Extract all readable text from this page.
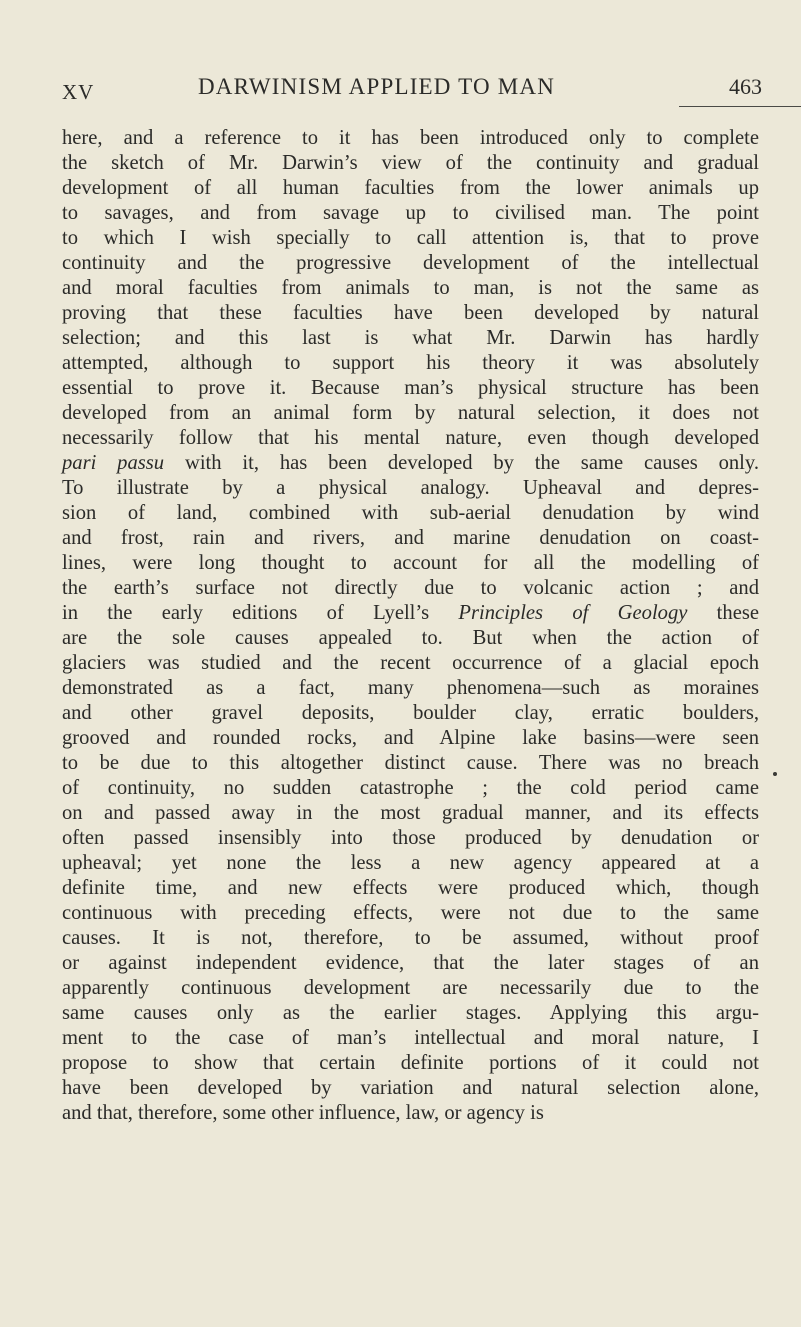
XV	DARWINISM APPLIED TO MAN	463
here, and a reference to it has been introduced only to complete
the sketch of Mr. Darwin’s view of the continuity and gradual
development of all human faculties from the lower animals up
to savages, and from savage up to civilised man. The point
to which I wish specially to call attention is, that to prove
continuity and the progressive development of the intellectual
and moral faculties from animals to man, is not the same as
proving that these faculties have been developed by natural
selection; and this last is what Mr. Darwin has hardly
attempted, although to support his theory it was absolutely
essential to prove it. Because man’s physical structure has been
developed from an animal form by natural selection, it does not
necessarily follow that his mental nature, even though developed
pari passu with it, has been developed by the same causes only.
To illustrate by a physical analogy. Upheaval and depres-
sion of land, combined with sub-aerial denudation by wind
and frost, rain and rivers, and marine denudation on coast-
lines, were long thought to account for all the modelling of
the earth’s surface not directly due to volcanic action ; and
in the early editions of Lyell’s Principles of Geology these
are the sole causes appealed to. But when the action of
glaciers was studied and the recent occurrence of a glacial epoch
demonstrated as a fact, many phenomena—such as moraines
and other gravel deposits, boulder clay, erratic boulders,
grooved and rounded rocks, and Alpine lake basins—were seen
to be due to this altogether distinct cause. There was no breach
of continuity, no sudden catastrophe ; the cold period came
on and passed away in the most gradual manner, and its effects
often passed insensibly into those produced by denudation or
upheaval; yet none the less a new agency appeared at a
definite time, and new effects were produced which, though
continuous with preceding effects, were not due to the same
causes. It is not, therefore, to be assumed, without proof
or against independent evidence, that the later stages of an
apparently continuous development are necessarily due to the
same causes only as the earlier stages. Applying this argu-
ment to the case of man’s intellectual and moral nature, I
propose to show that certain definite portions of it could not
have been developed by variation and natural selection alone,
and that, therefore, some other influence, law, or agency is
